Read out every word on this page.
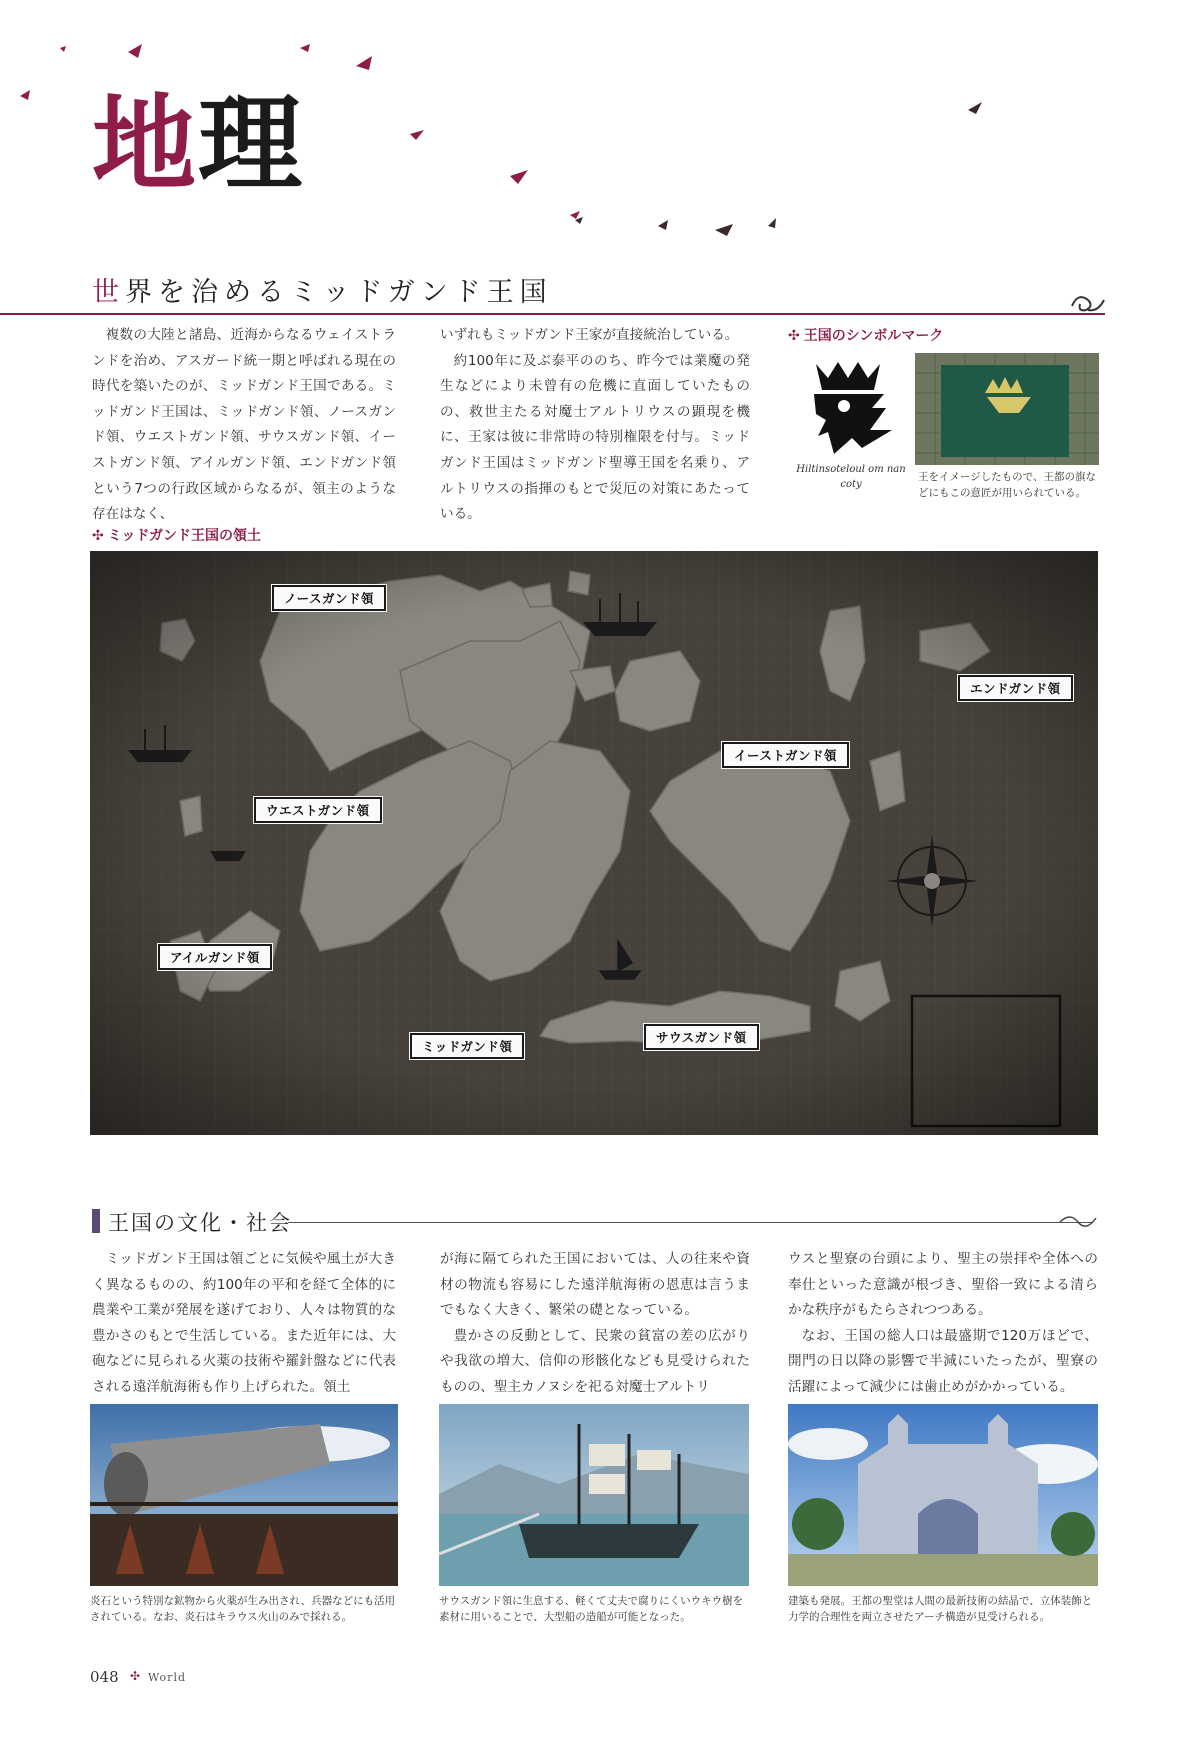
地理
世界を治めるミッドガンド王国

複数の大陸と諸島、近海からなるウェイストランドを治め、アスガード統一期と呼ばれる現在の時代を築いたのが、ミッドガンド王国である。ミッドガンド王国は、ミッドガンド領、ノースガンド領、ウエストガンド領、サウスガンド領、イーストガンド領、アイルガンド領、エンドガンド領という7つの行政区域からなるが、領主のような存在はなく、

いずれもミッドガンド王家が直接統治している。

約100年に及ぶ泰平ののち、昨今では業魔の発生などにより未曾有の危機に直面していたものの、救世主たる対魔士アルトリウスの顕現を機に、王家は彼に非常時の特別権限を付与。ミッドガンド王国はミッドガンド聖導王国を名乗り、アルトリウスの指揮のもとで災厄の対策にあたっている。

✣ 王国のシンボルマーク
Hiltinsoteloul om nan coty
王をイメージしたもので、王都の旗などにもこの意匠が用いられている。
✣ ミッドガンド王国の領土
ノースガンド領
ウエストガンド領
アイルガンド領
ミッドガンド領
サウスガンド領
イーストガンド領
エンドガンド領
王国の文化・社会

ミッドガンド王国は領ごとに気候や風土が大きく異なるものの、約100年の平和を経て全体的に農業や工業が発展を遂げており、人々は物質的な豊かさのもとで生活している。また近年には、大砲などに見られる火薬の技術や羅針盤などに代表される遠洋航海術も作り上げられた。領土

が海に隔てられた王国においては、人の往来や資材の物流も容易にした遠洋航海術の恩恵は言うまでもなく大きく、繁栄の礎となっている。

豊かさの反動として、民衆の貧富の差の広がりや我欲の増大、信仰の形骸化なども見受けられたものの、聖主カノヌシを祀る対魔士アルトリ

ウスと聖寮の台頭により、聖主の崇拝や全体への奉仕といった意識が根づき、聖俗一致による清らかな秩序がもたらされつつある。

なお、王国の総人口は最盛期で120万ほどで、開門の日以降の影響で半減にいたったが、聖寮の活躍によって減少には歯止めがかかっている。

炎石という特別な鉱物から火薬が生み出され、兵器などにも活用されている。なお、炎石はキラウス火山のみで採れる。
サウスガンド領に生息する、軽くて丈夫で腐りにくいウキウ樹を素材に用いることで、大型船の造船が可能となった。
建築も発展。王都の聖堂は人間の最新技術の結晶で、立体装飾と力学的合理性を両立させたアーチ構造が見受けられる。
048 ✣ World
